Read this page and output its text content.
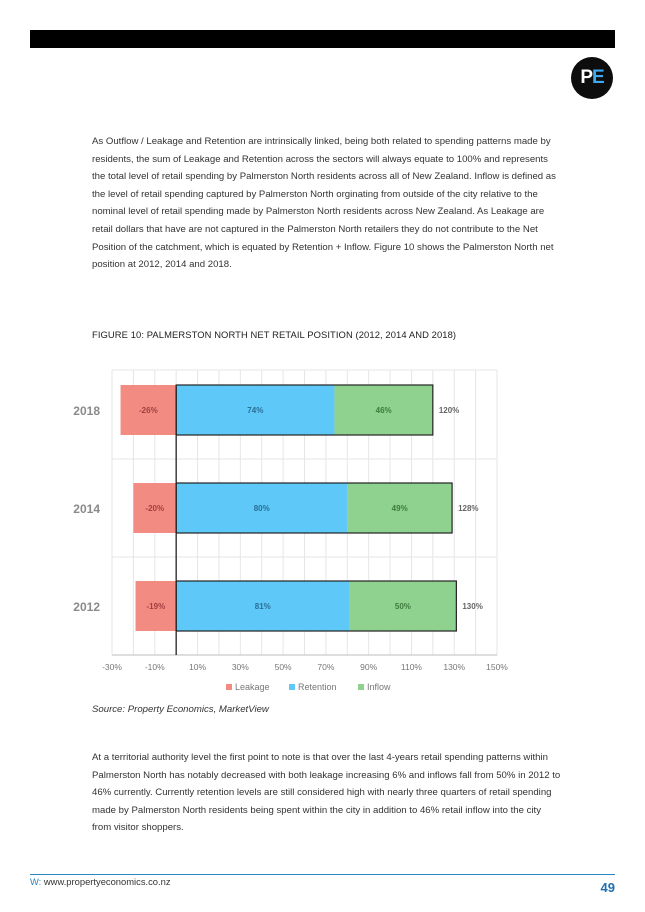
P E

As Outflow / Leakage and Retention are intrinsically linked, being both related to spending patterns made by residents, the sum of Leakage and Retention across the sectors will always equate to 100% and represents the total level of retail spending by Palmerston North residents across all of New Zealand. Inflow is defined as the level of retail spending captured by Palmerston North orginating from outside of the city relative to the nominal level of retail spending made by Palmerston North residents across New Zealand. As Leakage are retail dollars that have are not captured in the Palmerston North retailers they do not contribute to the Net Position of the catchment, which is equated by Retention + Inflow. Figure 10 shows the Palmerston North net position at 2012, 2014 and 2018.

FIGURE 10: PALMERSTON NORTH NET RETAIL POSITION (2012, 2014 AND 2018)
-30%	-10%	10%	30%	50%	70%	90%	110%	130% 150%
2018	-26%	74%	46%	120%
2014	-20%	80%	49%	128%
2012	-19%	81%	50%	130%
Leakage	Retention	Inflow
Source: Property Economics, MarketView

At a territorial authority level the first point to note is that over the last 4-years retail spending patterns within Palmerston North has notably decreased with both leakage increasing 6% and inflows fall from 50% in 2012 to 46% currently. Currently retention levels are still considered high with nearly three quarters of retail spending made by Palmerston North residents being spent within the city in addition to 46% retail inflow into the city from visitor shoppers.

W: www.propertyeconomics.co.nz	49
